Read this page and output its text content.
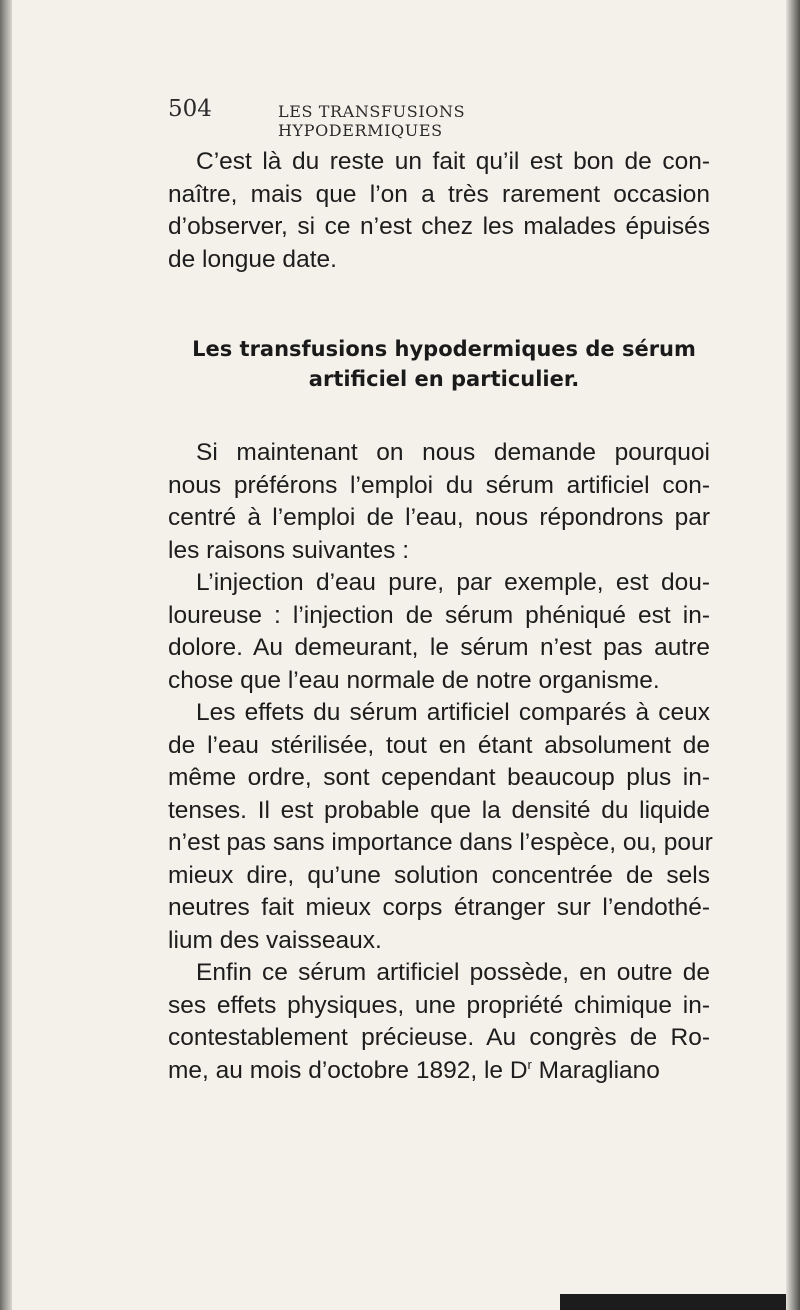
504	LES TRANSFUSIONS HYPODERMIQUES
C’est là du reste un fait qu’il est bon de con-
naître, mais que l’on a très rarement occasion
d’observer, si ce n’est chez les malades épuisés
de longue date.
Les transfusions hypodermiques de sérum
artificiel en particulier.
Si maintenant on nous demande pourquoi
nous préférons l’emploi du sérum artificiel con-
centré à l’emploi de l’eau, nous répondrons par
les raisons suivantes :
L’injection d’eau pure, par exemple, est dou-
loureuse : l’injection de sérum phéniqué est in-
dolore. Au demeurant, le sérum n’est pas autre
chose que l’eau normale de notre organisme.
Les effets du sérum artificiel comparés à ceux
de l’eau stérilisée, tout en étant absolument de
même ordre, sont cependant beaucoup plus in-
tenses. Il est probable que la densité du liquide
n’est pas sans importance dans l’espèce, ou, pour
mieux dire, qu’une solution concentrée de sels
neutres fait mieux corps étranger sur l’endothé-
lium des vaisseaux.
Enfin ce sérum artificiel possède, en outre de
ses effets physiques, une propriété chimique in-
contestablement précieuse. Au congrès de Ro-
me, au mois d’octobre 1892, le $D^r$ Maragliano
